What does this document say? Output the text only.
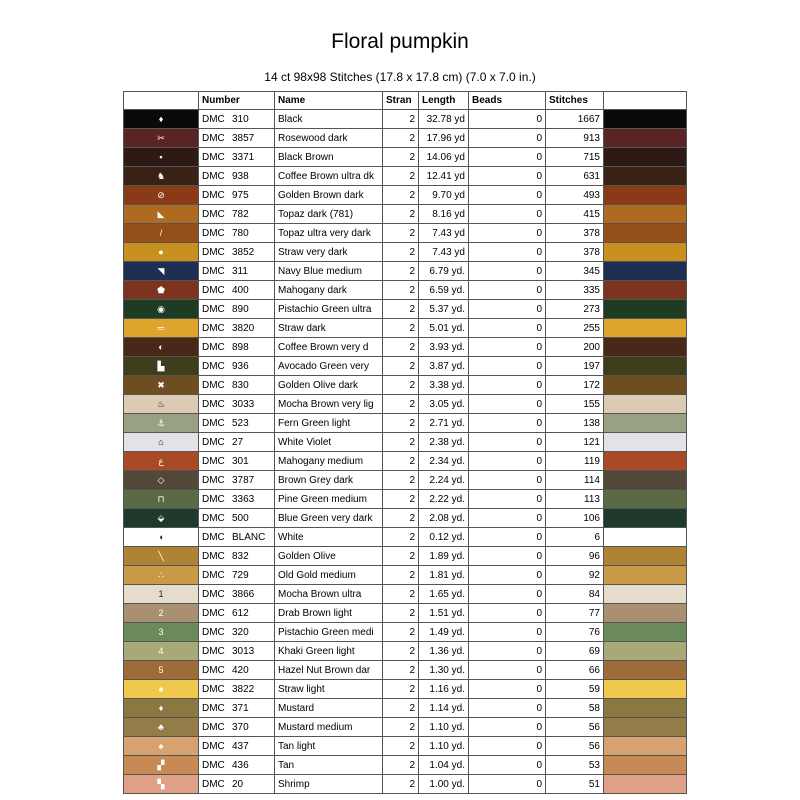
Floral pumpkin
14 ct 98x98 Stitches (17.8 x 17.8 cm) (7.0 x 7.0 in.)
	Number	Name	Stran	Length	Beads	Stitches	
♦	DMC 310	Black	2	32.78 yd	0	1667	
✂	DMC 3857	Rosewood dark	2	17.96 yd	0	913	
▪	DMC 3371	Black Brown	2	14.06 yd	0	715	
♞	DMC 938	Coffee Brown ultra dk	2	12.41 yd	0	631	
⊘	DMC 975	Golden Brown dark	2	9.70 yd	0	493	
◣	DMC 782	Topaz dark (781)	2	8.16 yd	0	415	
/	DMC 780	Topaz ultra very dark	2	7.43 yd	0	378	
●	DMC 3852	Straw very dark	2	7.43 yd	0	378	
◥	DMC 311	Navy Blue medium	2	6.79 yd.	0	345	
⬟	DMC 400	Mahogany dark	2	6.59 yd.	0	335	
◉	DMC 890	Pistachio Green ultra	2	5.37 yd.	0	273	
═	DMC 3820	Straw dark	2	5.01 yd.	0	255	
◐	DMC 898	Coffee Brown very d	2	3.93 yd.	0	200	
▙	DMC 936	Avocado Green very	2	3.87 yd.	0	197	
✖	DMC 830	Golden Olive dark	2	3.38 yd.	0	172	
♨	DMC 3033	Mocha Brown very lig	2	3.05 yd.	0	155	
⚓	DMC 523	Fern Green light	2	2.71 yd.	0	138	
⌂	DMC 27	White Violet	2	2.38 yd.	0	121	
ﻉ	DMC 301	Mahogany medium	2	2.34 yd.	0	119	
◇	DMC 3787	Brown Grey dark	2	2.24 yd.	0	114	
⊓	DMC 3363	Pine Green medium	2	2.22 yd.	0	113	
⬙	DMC 500	Blue Green very dark	2	2.08 yd.	0	106	
◖	DMC BLANC	White	2	0.12 yd.	0	6	
╲	DMC 832	Golden Olive	2	1.89 yd.	0	96	
∴	DMC 729	Old Gold medium	2	1.81 yd.	0	92	
1	DMC 3866	Mocha Brown ultra	2	1.65 yd.	0	84	
2	DMC 612	Drab Brown light	2	1.51 yd.	0	77	
3	DMC 320	Pistachio Green medi	2	1.49 yd.	0	76	
4	DMC 3013	Khaki Green light	2	1.36 yd.	0	69	
5	DMC 420	Hazel Nut Brown dar	2	1.30 yd.	0	66	
♠	DMC 3822	Straw light	2	1.16 yd.	0	59	
♦	DMC 371	Mustard	2	1.14 yd.	0	58	
♣	DMC 370	Mustard medium	2	1.10 yd.	0	56	
♠	DMC 437	Tan light	2	1.10 yd.	0	56	
▞	DMC 436	Tan	2	1.04 yd.	0	53	
▚	DMC 20	Shrimp	2	1.00 yd.	0	51	
